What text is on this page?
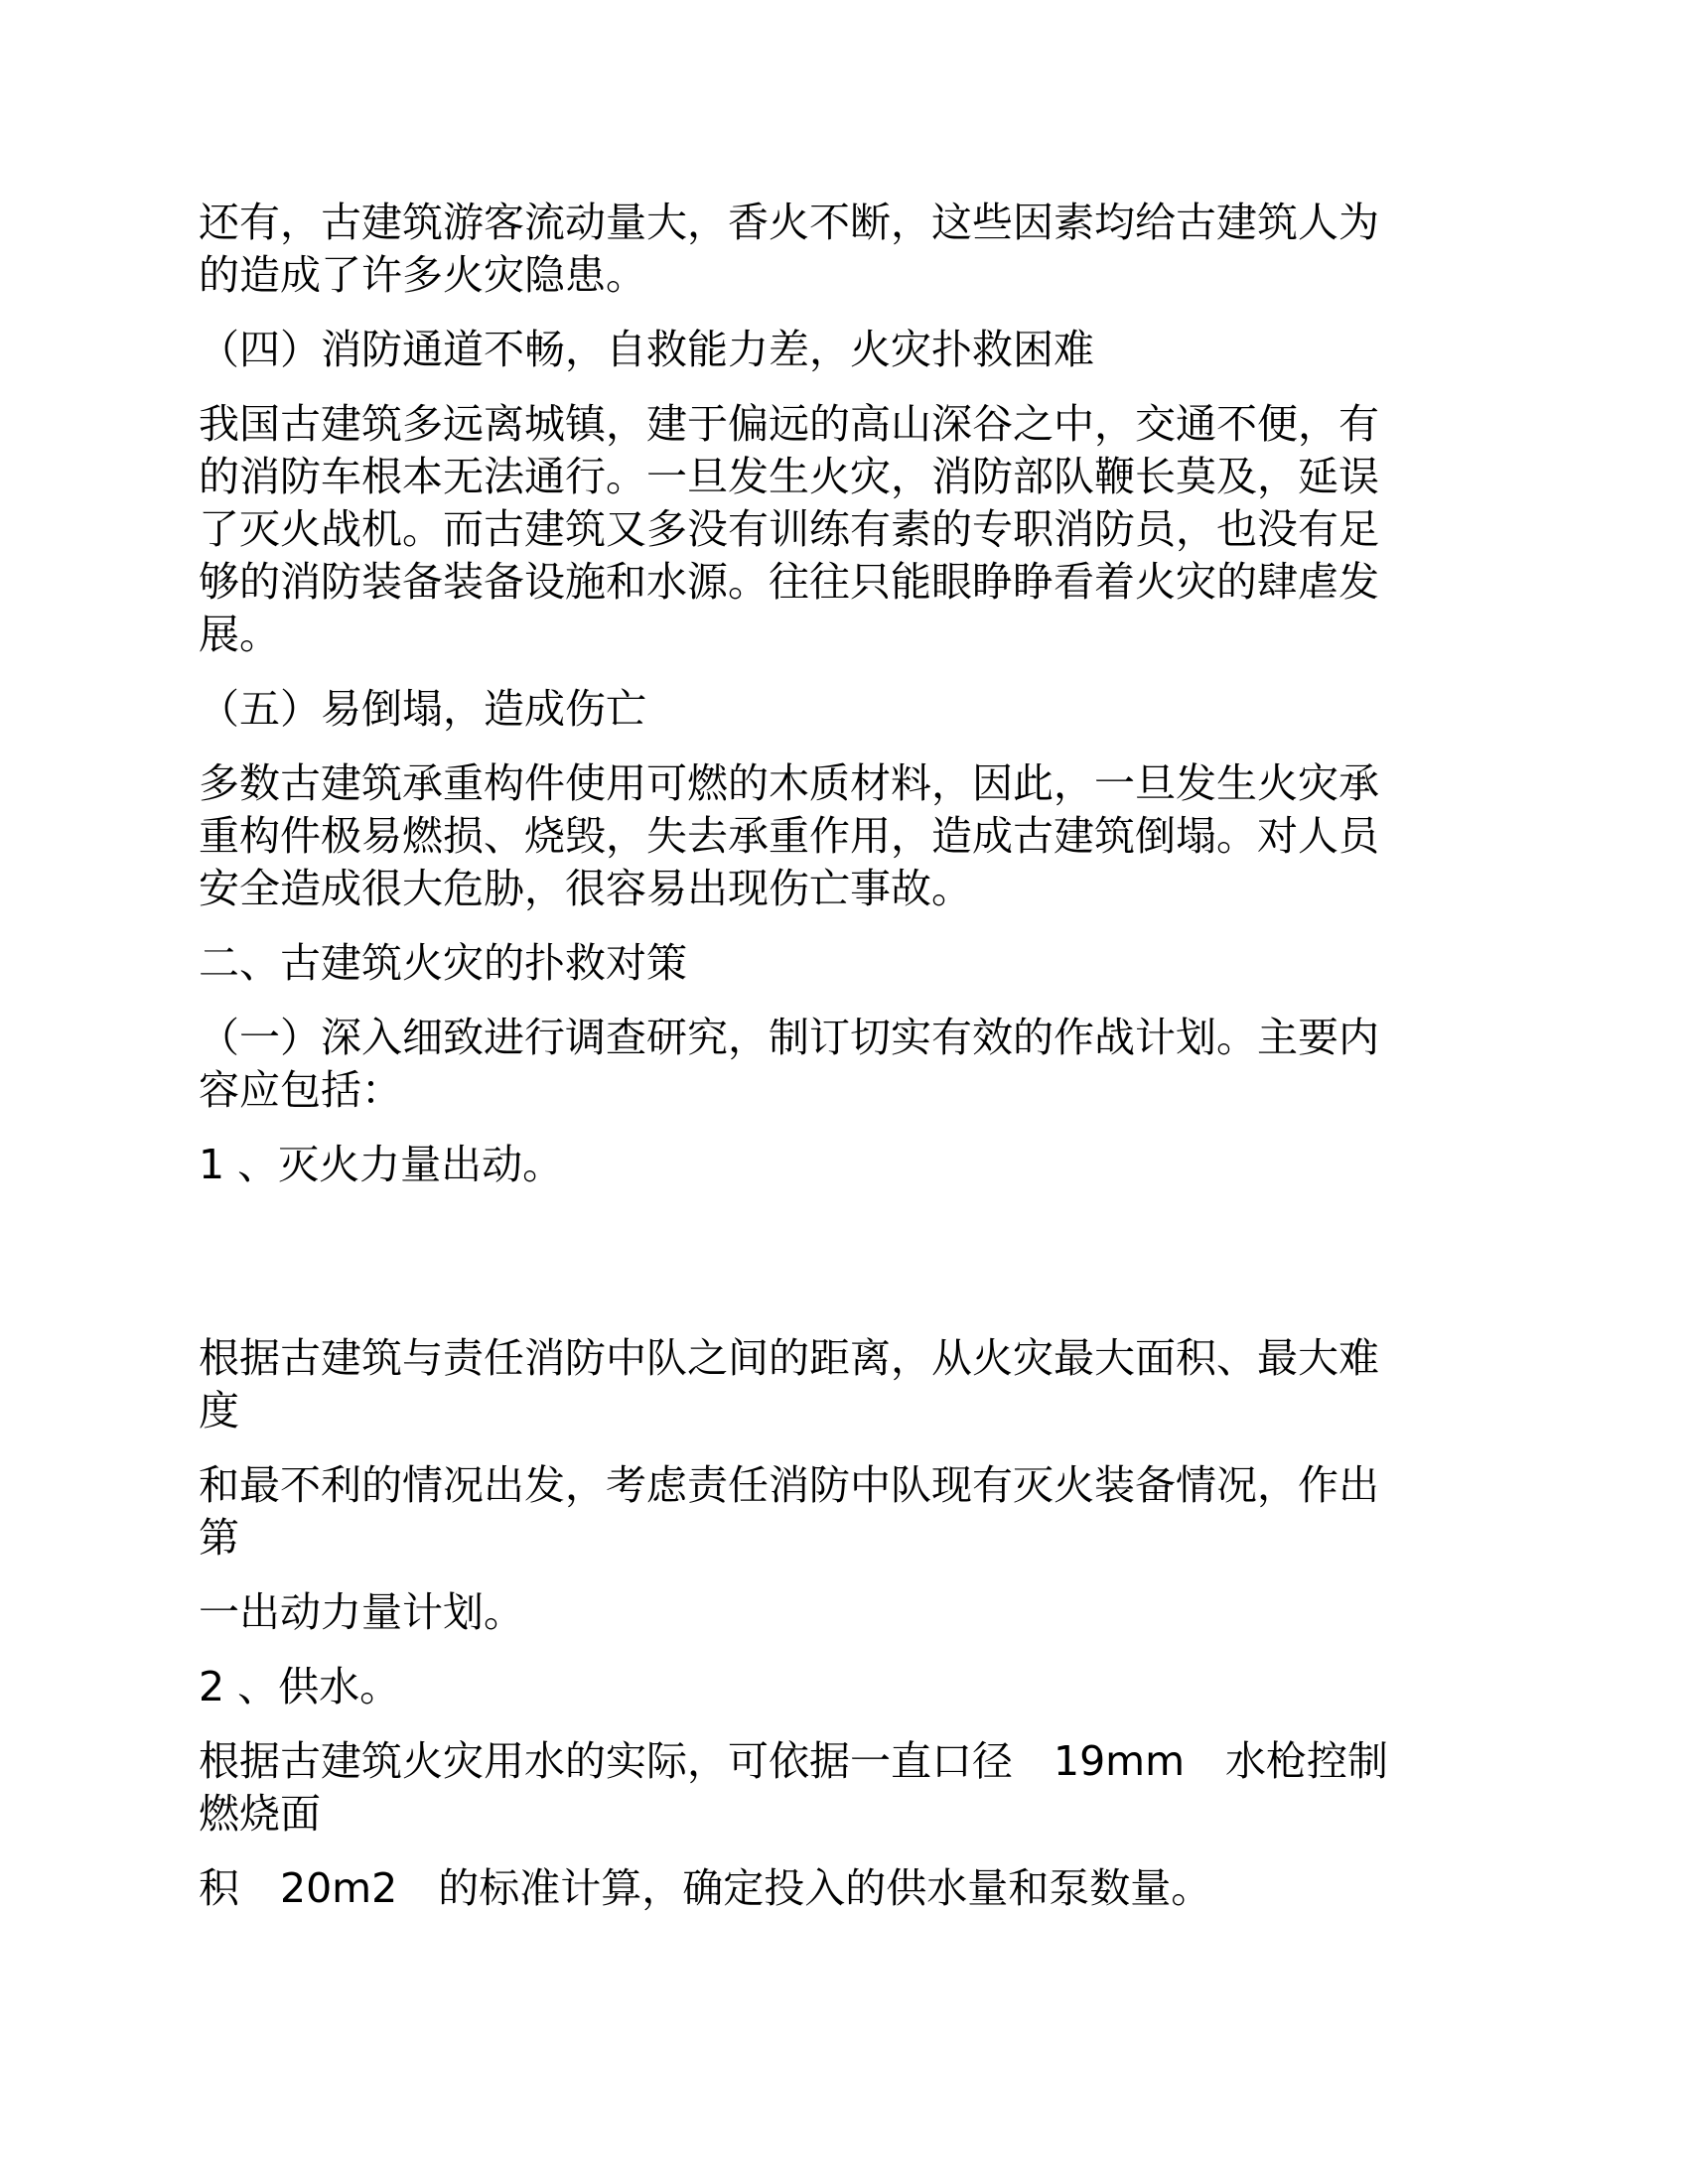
还有，古建筑游客流动量大，香火不断，这些因素均给古建筑人为
的造成了许多火灾隐患。
（四）消防通道不畅，自救能力差，火灾扑救困难
我国古建筑多远离城镇，建于偏远的高山深谷之中，交通不便，有
的消防车根本无法通行。一旦发生火灾，消防部队鞭长莫及，延误
了灭火战机。而古建筑又多没有训练有素的专职消防员，也没有足
够的消防装备装备设施和水源。往往只能眼睁睁看着火灾的肆虐发
展。
（五）易倒塌，造成伤亡
多数古建筑承重构件使用可燃的木质材料，因此，一旦发生火灾承
重构件极易燃损、烧毁，失去承重作用，造成古建筑倒塌。对人员
安全造成很大危胁，很容易出现伤亡事故。
二、古建筑火灾的扑救对策
（一）深入细致进行调查研究，制订切实有效的作战计划。主要内
容应包括：
1 、灭火力量出动。
根据古建筑与责任消防中队之间的距离，从火灾最大面积、最大难
度
和最不利的情况出发，考虑责任消防中队现有灭火装备情况，作出
第
一出动力量计划。
2 、供水。
根据古建筑火灾用水的实际，可依据一直口径　19mm　水枪控制
燃烧面
积　20m2　的标准计算，确定投入的供水量和泵数量。
